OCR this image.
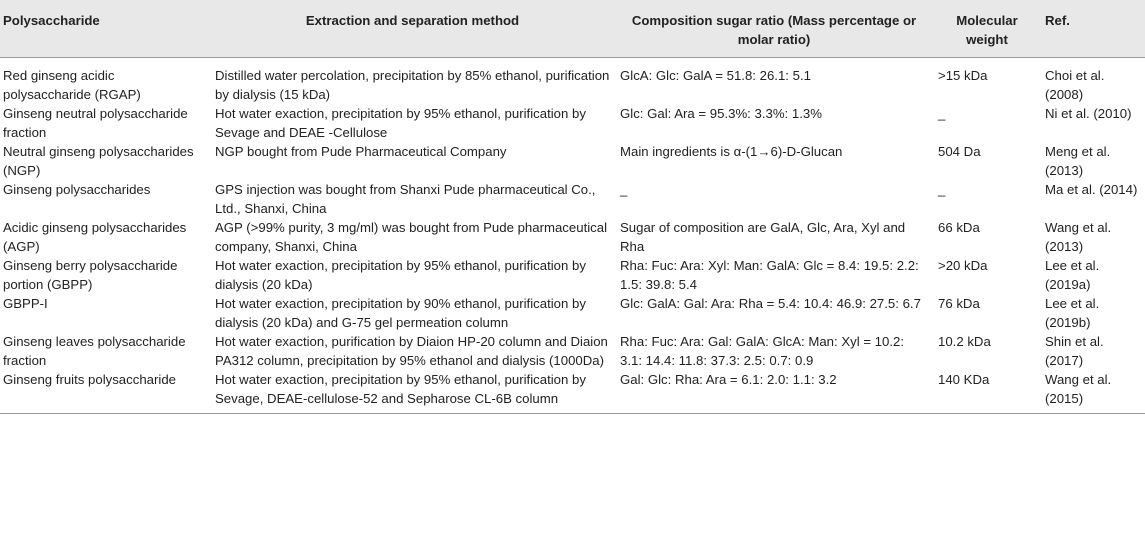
Polysaccharide	Extraction and separation method	Composition sugar ratio (Mass percentage or molar ratio)	Molecular weight	Ref.
Red ginseng acidic polysaccharide (RGAP)	Distilled water percolation, precipitation by 85% ethanol, purification by dialysis (15 kDa)	GlcA: Glc: GalA = 51.8: 26.1: 5.1	>15 kDa	Choi et al. (2008)
Ginseng neutral polysaccharide fraction	Hot water exaction, precipitation by 95% ethanol, purification by Sevage and DEAE -Cellulose	Glc: Gal: Ara = 95.3%: 3.3%: 1.3%	_	Ni et al. (2010)
Neutral ginseng polysaccharides (NGP)	NGP bought from Pude Pharmaceutical Company	Main ingredients is α-(1→6)-D-Glucan	504 Da	Meng et al. (2013)
Ginseng polysaccharides	GPS injection was bought from Shanxi Pude pharmaceutical Co., Ltd., Shanxi, China	_	_	Ma et al. (2014)
Acidic ginseng polysaccharides (AGP)	AGP (>99% purity, 3 mg/ml) was bought from Pude pharmaceutical company, Shanxi, China	Sugar of composition are GalA, Glc, Ara, Xyl and Rha	66 kDa	Wang et al. (2013)
Ginseng berry polysaccharide portion (GBPP)	Hot water exaction, precipitation by 95% ethanol, purification by dialysis (20 kDa)	Rha: Fuc: Ara: Xyl: Man: GalA: Glc = 8.4: 19.5: 2.2: 1.5: 39.8: 5.4	>20 kDa	Lee et al. (2019a)
GBPP-I	Hot water exaction, precipitation by 90% ethanol, purification by dialysis (20 kDa) and G-75 gel permeation column	Glc: GalA: Gal: Ara: Rha = 5.4: 10.4: 46.9: 27.5: 6.7	76 kDa	Lee et al. (2019b)
Ginseng leaves polysaccharide fraction	Hot water exaction, purification by Diaion HP-20 column and Diaion PA312 column, precipitation by 95% ethanol and dialysis (1000Da)	Rha: Fuc: Ara: Gal: GalA: GlcA: Man: Xyl = 10.2: 3.1: 14.4: 11.8: 37.3: 2.5: 0.7: 0.9	10.2 kDa	Shin et al. (2017)
Ginseng fruits polysaccharide	Hot water exaction, precipitation by 95% ethanol, purification by Sevage, DEAE-cellulose-52 and Sepharose CL-6B column	Gal: Glc: Rha: Ara = 6.1: 2.0: 1.1: 3.2	140 KDa	Wang et al. (2015)
